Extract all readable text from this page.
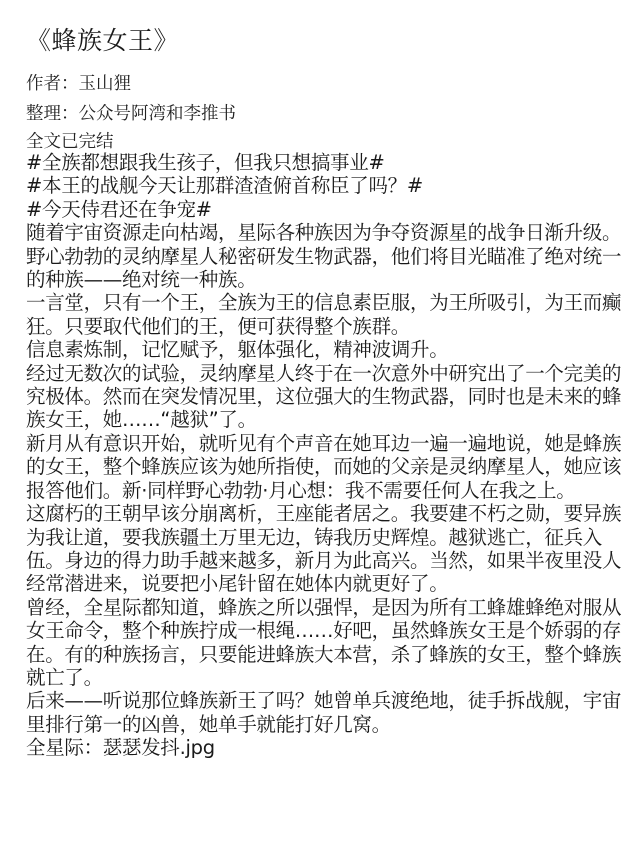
《蜂族女王》
作者：玉山狸
整理：公众号阿湾和李推书
全文已完结

#全族都想跟我生孩子，但我只想搞事业#

#本王的战舰今天让那群渣渣俯首称臣了吗？#

#今天侍君还在争宠#

随着宇宙资源走向枯竭，星际各种族因为争夺资源星的战争日渐升级。野心勃勃的灵纳摩星人秘密研发生物武器，他们将目光瞄准了绝对统一的种族——绝对统一种族。

一言堂，只有一个王，全族为王的信息素臣服，为王所吸引，为王而癫狂。只要取代他们的王，便可获得整个族群。

信息素炼制，记忆赋予，躯体强化，精神波调升。

经过无数次的试验，灵纳摩星人终于在一次意外中研究出了一个完美的究极体。然而在突发情况里，这位强大的生物武器，同时也是未来的蜂族女王，她……“越狱”了。

新月从有意识开始，就听见有个声音在她耳边一遍一遍地说，她是蜂族的女王，整个蜂族应该为她所指使，而她的父亲是灵纳摩星人，她应该报答他们。新·同样野心勃勃·月心想：我不需要任何人在我之上。

这腐朽的王朝早该分崩离析，王座能者居之。我要建不朽之勋，要异族为我让道，要我族疆土万里无边，铸我历史辉煌。越狱逃亡，征兵入伍。身边的得力助手越来越多，新月为此高兴。当然，如果半夜里没人经常潜进来，说要把小尾针留在她体内就更好了。

曾经，全星际都知道，蜂族之所以强悍，是因为所有工蜂雄蜂绝对服从女王命令，整个种族拧成一根绳……好吧，虽然蜂族女王是个娇弱的存在。有的种族扬言，只要能进蜂族大本营，杀了蜂族的女王，整个蜂族就亡了。

后来——听说那位蜂族新王了吗？她曾单兵渡绝地，徒手拆战舰，宇宙里排行第一的凶兽，她单手就能打好几窝。

全星际：瑟瑟发抖.jpg
